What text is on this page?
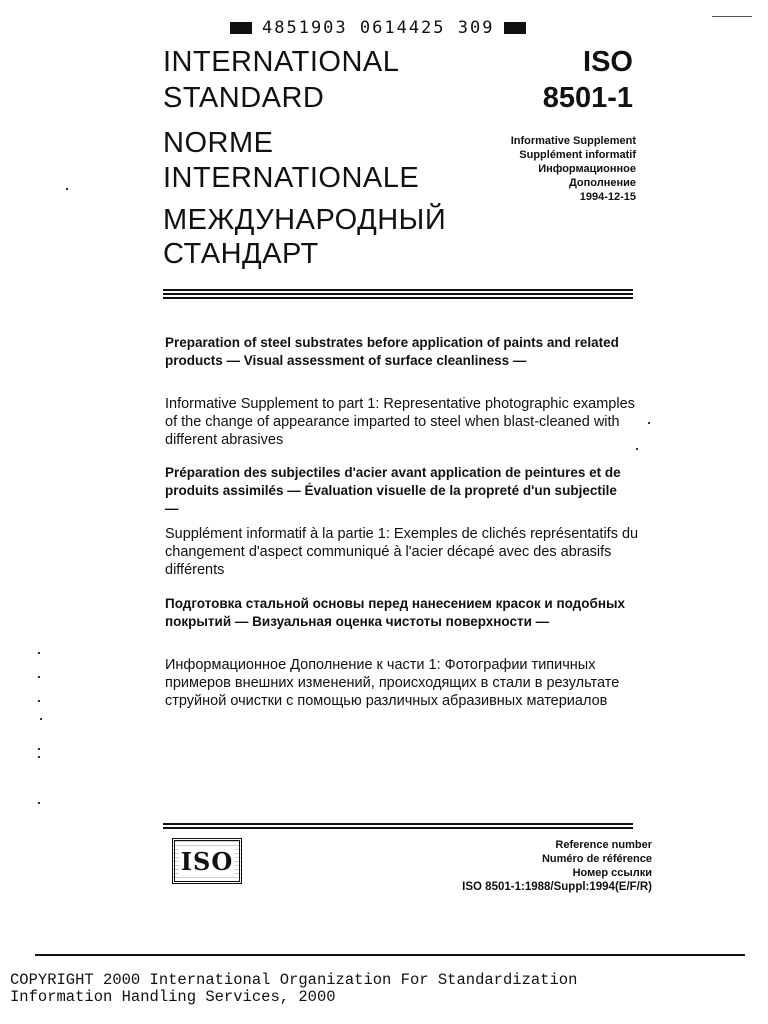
4851903 0614425 309
INTERNATIONAL
STANDARD
NORME
INTERNATIONALE
МЕЖДУНАРОДНЫЙ
СТАНДАРТ
ISO
8501-1
Informative Supplement
Supplément informatif
Информационное
Дополнение
1994-12-15
Preparation of steel substrates before application of paints and related products — Visual assessment of surface cleanliness —
Informative Supplement to part 1: Representative photographic examples of the change of appearance imparted to steel when blast-cleaned with different abrasives
Préparation des subjectiles d'acier avant application de peintures et de produits assimilés — Évaluation visuelle de la propreté d'un subjectile —
Supplément informatif à la partie 1: Exemples de clichés représentatifs du changement d'aspect communiqué à l'acier décapé avec des abrasifs différents
Подготовка стальной основы перед нанесением красок и подобных покрытий — Визуальная оценка чистоты поверхности —
Информационное Дополнение к части 1: Фотографии типичных примеров внешних изменений, происходящих в стали в результате струйной очистки с помощью различных абразивных материалов
ISO
Reference number
Numéro de référence
Номер ссылки
ISO 8501-1:1988/Suppl:1994(E/F/R)
COPYRIGHT 2000 International Organization For Standardization
Information Handling Services, 2000
